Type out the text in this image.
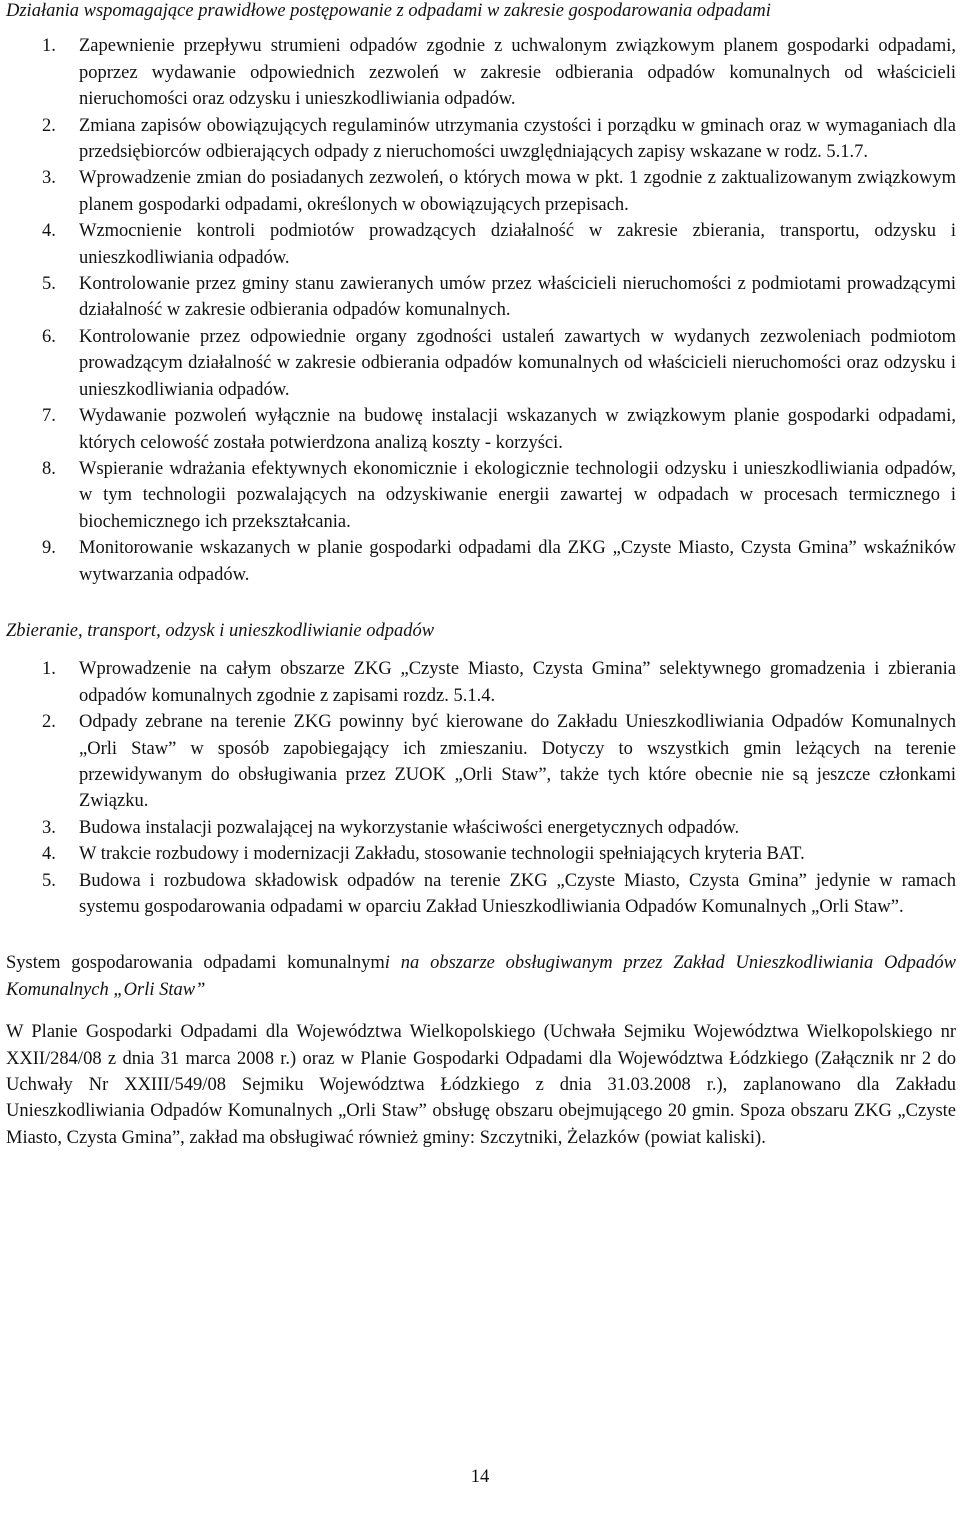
Działania wspomagające prawidłowe postępowanie z odpadami w zakresie gospodarowania odpadami

1. Zapewnienie przepływu strumieni odpadów zgodnie z uchwalonym związkowym planem gospodarki odpadami, poprzez wydawanie odpowiednich zezwoleń w zakresie odbierania odpadów komunalnych od właścicieli nieruchomości oraz odzysku i unieszkodliwiania odpadów.
2. Zmiana zapisów obowiązujących regulaminów utrzymania czystości i porządku w gminach oraz w wymaganiach dla przedsiębiorców odbierających odpady z nieruchomości uwzględniających zapisy wskazane w rodz. 5.1.7.
3. Wprowadzenie zmian do posiadanych zezwoleń, o których mowa w pkt. 1 zgodnie z zaktualizowanym związkowym planem gospodarki odpadami, określonych w obowiązujących przepisach.
4. Wzmocnienie kontroli podmiotów prowadzących działalność w zakresie zbierania, transportu, odzysku i unieszkodliwiania odpadów.
5. Kontrolowanie przez gminy stanu zawieranych umów przez właścicieli nieruchomości z podmiotami prowadzącymi działalność w zakresie odbierania odpadów komunalnych.
6. Kontrolowanie przez odpowiednie organy zgodności ustaleń zawartych w wydanych zezwoleniach podmiotom prowadzącym działalność w zakresie odbierania odpadów komunalnych od właścicieli nieruchomości oraz odzysku i unieszkodliwiania odpadów.
7. Wydawanie pozwoleń wyłącznie na budowę instalacji wskazanych w związkowym planie gospodarki odpadami, których celowość została potwierdzona analizą koszty - korzyści.
8. Wspieranie wdrażania efektywnych ekonomicznie i ekologicznie technologii odzysku i unieszkodliwiania odpadów, w tym technologii pozwalających na odzyskiwanie energii zawartej w odpadach w procesach termicznego i biochemicznego ich przekształcania.
9. Monitorowanie wskazanych w planie gospodarki odpadami dla ZKG „Czyste Miasto, Czysta Gmina” wskaźników wytwarzania odpadów.

Zbieranie, transport, odzysk i unieszkodliwianie odpadów

1. Wprowadzenie na całym obszarze ZKG „Czyste Miasto, Czysta Gmina” selektywnego gromadzenia i zbierania odpadów komunalnych zgodnie z zapisami rozdz. 5.1.4.
2. Odpady zebrane na terenie ZKG powinny być kierowane do Zakładu Unieszkodliwiania Odpadów Komunalnych „Orli Staw” w sposób zapobiegający ich zmieszaniu. Dotyczy to wszystkich gmin leżących na terenie przewidywanym do obsługiwania przez ZUOK „Orli Staw”, także tych które obecnie nie są jeszcze członkami Związku.
3. Budowa instalacji pozwalającej na wykorzystanie właściwości energetycznych odpadów.
4. W trakcie rozbudowy i modernizacji Zakładu, stosowanie technologii spełniających kryteria BAT.
5. Budowa i rozbudowa składowisk odpadów na terenie ZKG „Czyste Miasto, Czysta Gmina” jedynie w ramach systemu gospodarowania odpadami w oparciu Zakład Unieszkodliwiania Odpadów Komunalnych „Orli Staw”.

System gospodarowania odpadami komunalnymi na obszarze obsługiwanym przez Zakład Unieszkodliwiania Odpadów Komunalnych „Orli Staw”

W Planie Gospodarki Odpadami dla Województwa Wielkopolskiego (Uchwała Sejmiku Województwa Wielkopolskiego nr XXII/284/08 z dnia 31 marca 2008 r.) oraz w Planie Gospodarki Odpadami dla Województwa Łódzkiego (Załącznik nr 2 do Uchwały Nr XXIII/549/08 Sejmiku Województwa Łódzkiego z dnia 31.03.2008 r.), zaplanowano dla Zakładu Unieszkodliwiania Odpadów Komunalnych „Orli Staw” obsługę obszaru obejmującego 20 gmin. Spoza obszaru ZKG „Czyste Miasto, Czysta Gmina”, zakład ma obsługiwać również gminy: Szczytniki, Żelazków (powiat kaliski).

14
